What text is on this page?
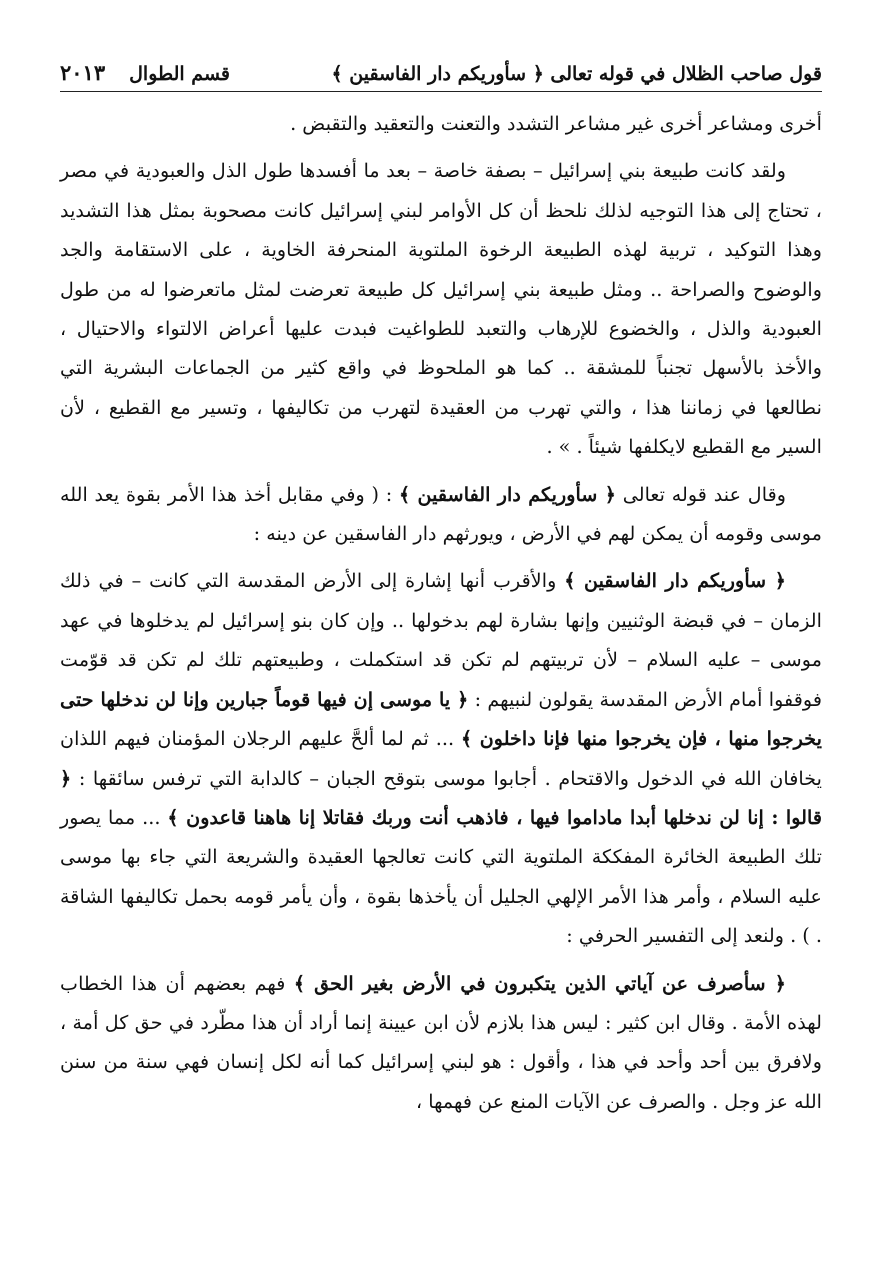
قول صاحب الظلال في قوله تعالى ﴿ سأوريكم دار الفاسقين ﴾
قسم الطوال
٢٠١٣

أخرى ومشاعر أخرى غير مشاعر التشدد والتعنت والتعقيد والتقبض .

ولقد كانت طبيعة بني إسرائيل – بصفة خاصة – بعد ما أفسدها طول الذل والعبودية في مصر ، تحتاج إلى هذا التوجيه لذلك نلحظ أن كل الأوامر لبني إسرائيل كانت مصحوبة بمثل هذا التشديد وهذا التوكيد ، تربية لهذه الطبيعة الرخوة الملتوية المنحرفة الخاوية ، على الاستقامة والجد والوضوح والصراحة .. ومثل طبيعة بني إسرائيل كل طبيعة تعرضت لمثل ماتعرضوا له من طول العبودية والذل ، والخضوع للإرهاب والتعبد للطواغيت فبدت عليها أعراض الالتواء والاحتيال ، والأخذ بالأسهل تجنباً للمشقة .. كما هو الملحوظ في واقع كثير من الجماعات البشرية التي نطالعها في زماننا هذا ، والتي تهرب من العقيدة لتهرب من تكاليفها ، وتسير مع القطيع ، لأن السير مع القطيع لايكلفها شيئاً . » .

وقال عند قوله تعالى ﴿ سأوريكم دار الفاسقين ﴾ : ( وفي مقابل أخذ هذا الأمر بقوة يعد الله موسى وقومه أن يمكن لهم في الأرض ، ويورثهم دار الفاسقين عن دينه :

﴿ سأوريكم دار الفاسقين ﴾ والأقرب أنها إشارة إلى الأرض المقدسة التي كانت – في ذلك الزمان – في قبضة الوثنيين وإنها بشارة لهم بدخولها .. وإن كان بنو إسرائيل لم يدخلوها في عهد موسى – عليه السلام – لأن تربيتهم لم تكن قد استكملت ، وطبيعتهم تلك لم تكن قد قوّمت فوقفوا أمام الأرض المقدسة يقولون لنبيهم : ﴿ يا موسى إن فيها قوماً جبارين وإنا لن ندخلها حتى يخرجوا منها ، فإن يخرجوا منها فإنا داخلون ﴾ ... ثم لما ألحَّ عليهم الرجلان المؤمنان فيهم اللذان يخافان الله في الدخول والاقتحام . أجابوا موسى بتوقح الجبان – كالدابة التي ترفس سائقها : ﴿ قالوا : إنا لن ندخلها أبدا ماداموا فيها ، فاذهب أنت وربك فقاتلا إنا هاهنا قاعدون ﴾ ... مما يصور تلك الطبيعة الخائرة المفككة الملتوية التي كانت تعالجها العقيدة والشريعة التي جاء بها موسى عليه السلام ، وأمر هذا الأمر الإلهي الجليل أن يأخذها بقوة ، وأن يأمر قومه بحمل تكاليفها الشاقة . ) . ولنعد إلى التفسير الحرفي :

﴿ سأصرف عن آياتي الذين يتكبرون في الأرض بغير الحق ﴾ فهم بعضهم أن هذا الخطاب لهذه الأمة . وقال ابن كثير : ليس هذا بلازم لأن ابن عيينة إنما أراد أن هذا مطّرد في حق كل أمة ، ولافرق بين أحد وأحد في هذا ، وأقول : هو لبني إسرائيل كما أنه لكل إنسان فهي سنة من سنن الله عز وجل . والصرف عن الآيات المنع عن فهمها ،
